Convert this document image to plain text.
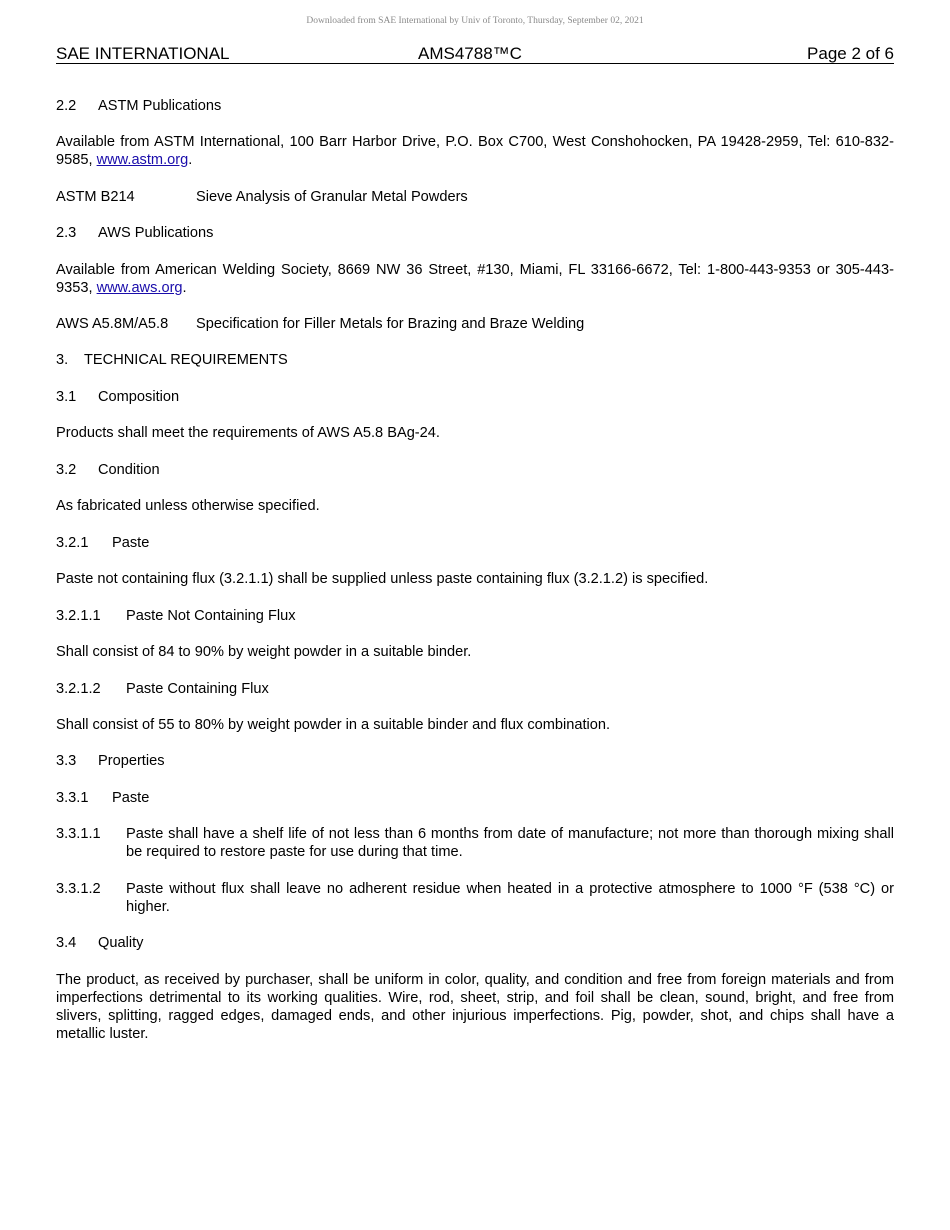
Downloaded from SAE International by Univ of Toronto, Thursday, September 02, 2021
SAE INTERNATIONAL	AMS4788™C	Page 2 of 6
2.2 ASTM Publications
Available from ASTM International, 100 Barr Harbor Drive, P.O. Box C700, West Conshohocken, PA 19428-2959, Tel: 610-832-9585, www.astm.org.
ASTM B214	Sieve Analysis of Granular Metal Powders
2.3 AWS Publications
Available from American Welding Society, 8669 NW 36 Street, #130, Miami, FL 33166-6672, Tel: 1-800-443-9353 or 305-443-9353, www.aws.org.
AWS A5.8M/A5.8 Specification for Filler Metals for Brazing and Braze Welding
3. TECHNICAL REQUIREMENTS
3.1 Composition
Products shall meet the requirements of AWS A5.8 BAg-24.
3.2 Condition
As fabricated unless otherwise specified.
3.2.1 Paste
Paste not containing flux (3.2.1.1) shall be supplied unless paste containing flux (3.2.1.2) is specified.
3.2.1.1 Paste Not Containing Flux
Shall consist of 84 to 90% by weight powder in a suitable binder.
3.2.1.2 Paste Containing Flux
Shall consist of 55 to 80% by weight powder in a suitable binder and flux combination.
3.3 Properties
3.3.1 Paste
3.3.1.1 Paste shall have a shelf life of not less than 6 months from date of manufacture; not more than thorough mixing shall be required to restore paste for use during that time.
3.3.1.2 Paste without flux shall leave no adherent residue when heated in a protective atmosphere to 1000 °F (538 °C) or higher.
3.4 Quality
The product, as received by purchaser, shall be uniform in color, quality, and condition and free from foreign materials and from imperfections detrimental to its working qualities. Wire, rod, sheet, strip, and foil shall be clean, sound, bright, and free from slivers, splitting, ragged edges, damaged ends, and other injurious imperfections. Pig, powder, shot, and chips shall have a metallic luster.
